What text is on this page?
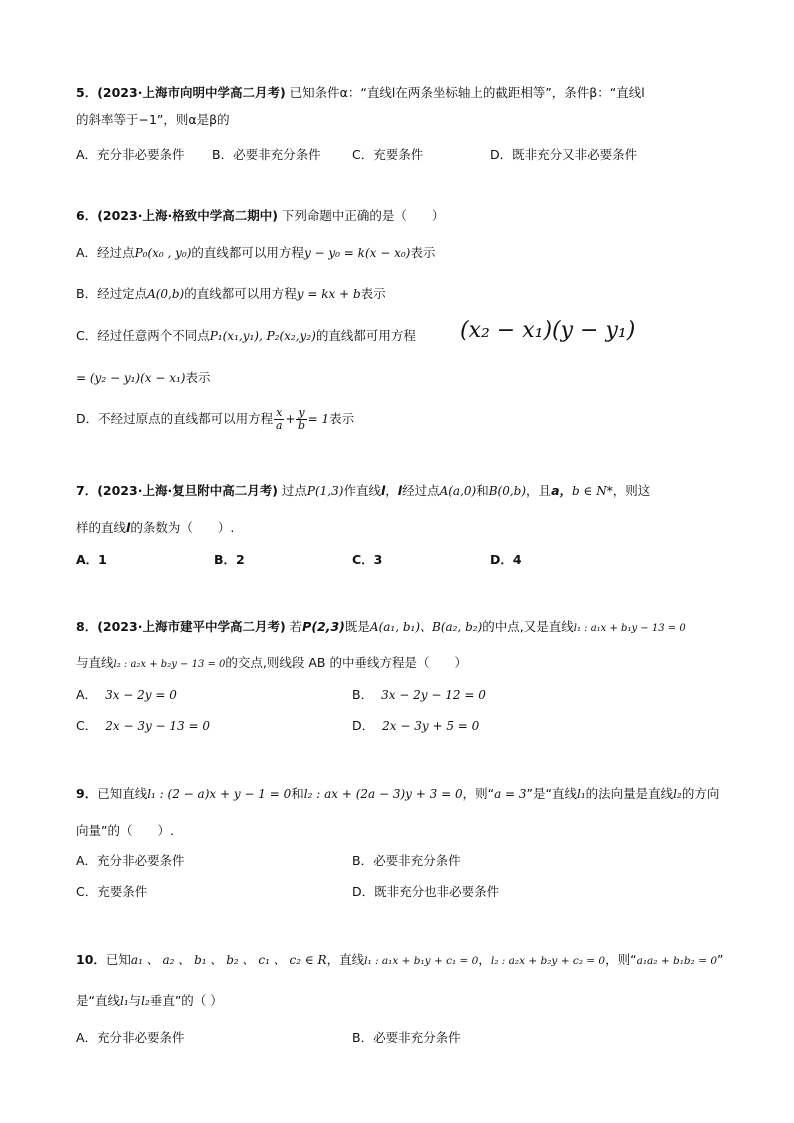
5．(2023·上海市向明中学高二月考) 已知条件α：“直线l在两条坐标轴上的截距相等”，条件β：“直线l
的斜率等于−1”，则α是β的
A．充分非必要条件 B．必要非充分条件	C．充要条件	D．既非充分又非必要条件
6．(2023·上海·格致中学高二期中) 下列命题中正确的是（　　）
A．经过点P₀(x₀ , y₀)的直线都可以用方程y − y₀ = k(x − x₀)表示
B．经过定点A(0,b)的直线都可以用方程y = kx + b表示
C．经过任意两个不同点P₁(x₁,y₁), P₂(x₂,y₂)的直线都可用方程 (x₂ − x₁)(y − y₁)
= (y₂ − y₁)(x − x₁)表示
D．不经过原点的直线都可以用方程 $\frac{x}{a} + \frac{y}{b} = 1$表示
7．(2023·上海·复旦附中高二月考) 过点P(1,3)作直线l，l经过点A(a,0)和B(0,b)，且a，b ∈ N*，则这
样的直线l的条数为（　　）.
A．1	B．2	C．3	D．4
8．(2023·上海市建平中学高二月考) 若P(2,3)既是A(a₁, b₁)、B(a₂, b₂)的中点,又是直线l₁ : a₁x + b₁y − 13 = 0
与直线l₂ : a₂x + b₂y − 13 = 0的交点,则线段 AB 的中垂线方程是（　　）
A． 3x − 2y = 0	B． 3x − 2y − 12 = 0
C． 2x − 3y − 13 = 0	D． 2x − 3y + 5 = 0
9．已知直线l₁ : (2 − a)x + y − 1 = 0和l₂ : ax + (2a − 3)y + 3 = 0，则“a = 3”是“直线l₁的法向量是直线l₂的方向
向量”的（　　）.
A．充分非必要条件	B．必要非充分条件
C．充要条件	D．既非充分也非必要条件
10．已知a₁ 、 a₂ 、 b₁ 、 b₂ 、 c₁ 、 c₂ ∈ R，直线l₁ : a₁x + b₁y + c₁ = 0，l₂ : a₂x + b₂y + c₂ = 0，则“a₁a₂ + b₁b₂ = 0”
是“直线l₁与l₂垂直”的（ ）
A．充分非必要条件	B．必要非充分条件
